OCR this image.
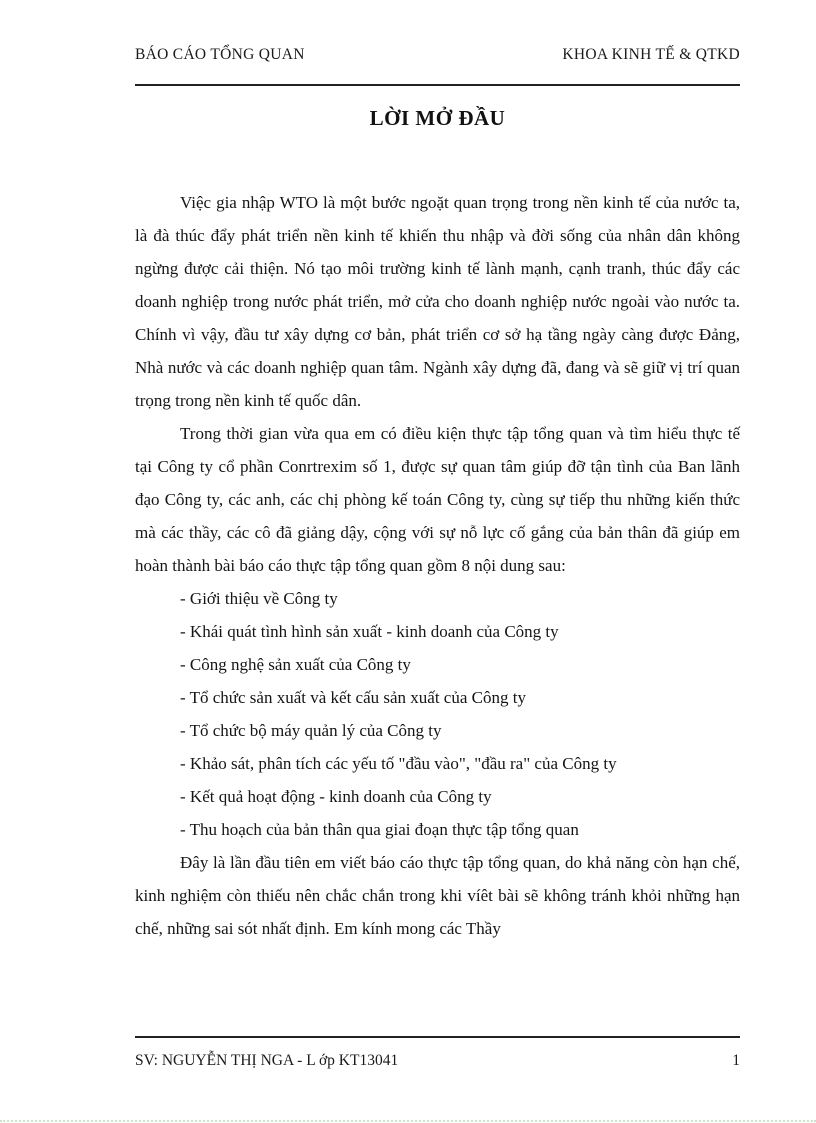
BÁO CÁO TỔNG QUAN	KHOA KINH TẾ & QTKD
LỜI MỞ ĐẦU

Việc gia nhập WTO là một bước ngoặt quan trọng trong nền kinh tế của nước ta, là đà thúc đẩy phát triển nền kinh tế khiến thu nhập và đời sống của nhân dân không ngừng được cải thiện. Nó tạo môi trường kinh tế lành mạnh, cạnh tranh, thúc đẩy các doanh nghiệp trong nước phát triển, mở cửa cho doanh nghiệp nước ngoài vào nước ta. Chính vì vậy, đầu tư xây dựng cơ bản, phát triển cơ sở hạ tầng ngày càng được Đảng, Nhà nước và các doanh nghiệp quan tâm. Ngành xây dựng đã, đang và sẽ giữ vị trí quan trọng trong nền kinh tế quốc dân.

Trong thời gian vừa qua em có điều kiện thực tập tổng quan và tìm hiểu thực tế tại Công ty cổ phần Conrtrexim số 1, được sự quan tâm giúp đỡ tận tình của Ban lãnh đạo Công ty, các anh, các chị phòng kế toán Công ty, cùng sự tiếp thu những kiến thức mà các thầy, các cô đã giảng dậy, cộng với sự nỗ lực cố gắng của bản thân đã giúp em hoàn thành bài báo cáo thực tập tổng quan gồm 8 nội dung sau:

- Giới thiệu về Công ty
- Khái quát tình hình sản xuất - kinh doanh của Công ty
- Công nghệ sản xuất của Công ty
- Tổ chức sản xuất và kết cấu sản xuất của Công ty
- Tổ chức bộ máy quản lý của Công ty
- Khảo sát, phân tích các yếu tố "đầu vào", "đầu ra" của Công ty
- Kết quả hoạt động - kinh doanh của Công ty
- Thu hoạch của bản thân qua giai đoạn thực tập tổng quan

Đây là lần đầu tiên em viết báo cáo thực tập tổng quan, do khả năng còn hạn chế, kinh nghiệm còn thiếu nên chắc chắn trong khi víêt bài sẽ không tránh khỏi những hạn chế, những sai sót nhất định. Em kính mong các Thầy

SV: NGUYỄN THỊ NGA - L ớp KT13041	1
